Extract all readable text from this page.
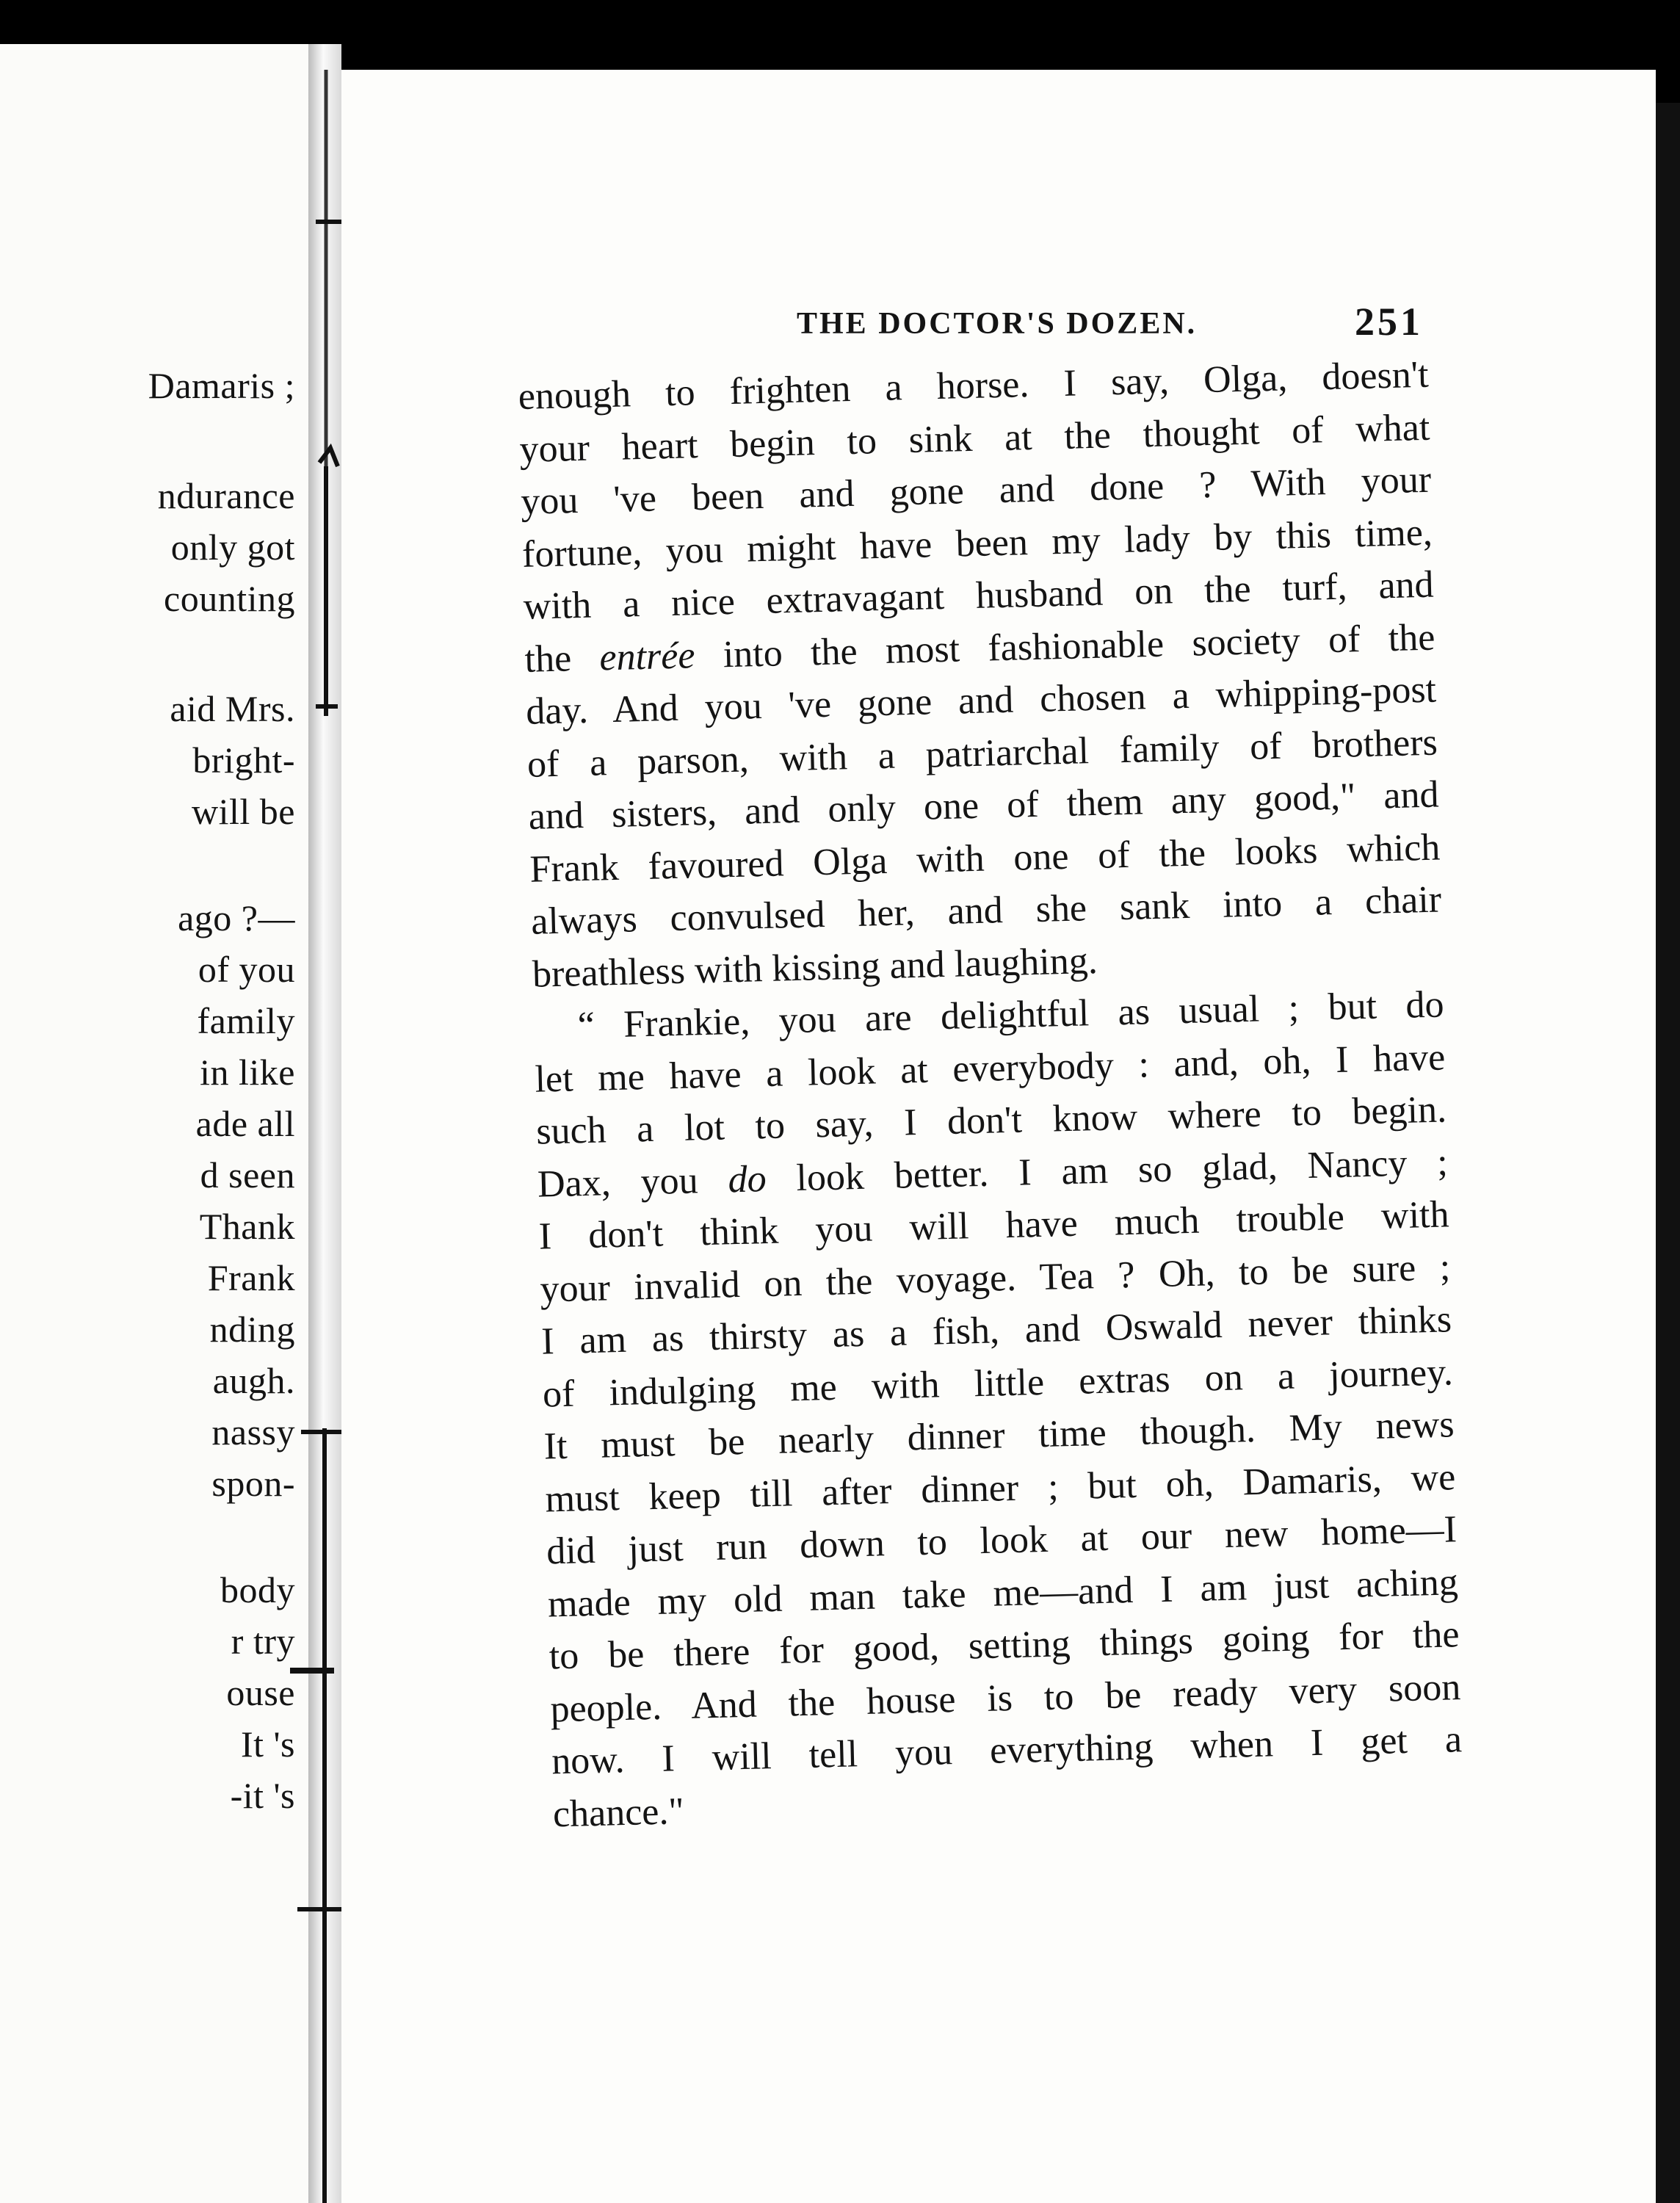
Damaris ;
ndurance
only got
counting
aid Mrs.
bright-
will be
ago ?—
of you
family
in like
ade all
d seen
Thank
Frank
nding
augh.
nassy
spon-
body
r try
ouse
It 's
-it 's
THE DOCTOR'S DOZEN.	251
enough to frighten a horse. I say, Olga, doesn't
your heart begin to sink at the thought of what
you 've been and gone and done ? With your
fortune, you might have been my lady by this time,
with a nice extravagant husband on the turf, and
the entrée into the most fashionable society of the
day. And you 've gone and chosen a whipping-post
of a parson, with a patriarchal family of brothers
and sisters, and only one of them any good," and
Frank favoured Olga with one of the looks which
always convulsed her, and she sank into a chair
breathless with kissing and laughing.
“ Frankie, you are delightful as usual ; but do
let me have a look at everybody : and, oh, I have
such a lot to say, I don't know where to begin.
Dax, you do look better. I am so glad, Nancy ;
I don't think you will have much trouble with
your invalid on the voyage. Tea ? Oh, to be sure ;
I am as thirsty as a fish, and Oswald never thinks
of indulging me with little extras on a journey.
It must be nearly dinner time though. My news
must keep till after dinner ; but oh, Damaris, we
did just run down to look at our new home—I
made my old man take me—and I am just aching
to be there for good, setting things going for the
people. And the house is to be ready very soon
now. I will tell you everything when I get a
chance."
